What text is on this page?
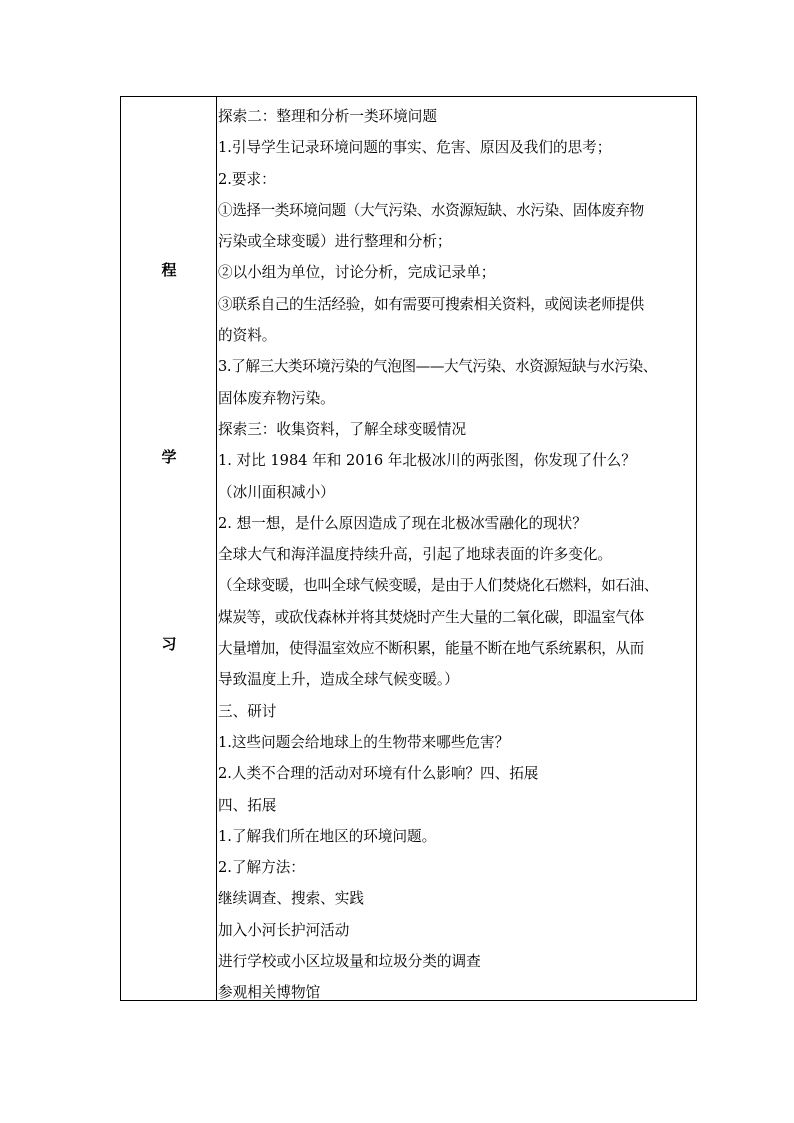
程
学
习
探索二：整理和分析一类环境问题
1.引导学生记录环境问题的事实、危害、原因及我们的思考；
2.要求：
①选择一类环境问题（大气污染、水资源短缺、水污染、固体废弃物
污染或全球变暖）进行整理和分析；
②以小组为单位，讨论分析，完成记录单；
③联系自己的生活经验，如有需要可搜索相关资料，或阅读老师提供
的资料。
3.了解三大类环境污染的气泡图——大气污染、水资源短缺与水污染、
固体废弃物污染。
探索三：收集资料，了解全球变暖情况
1. 对比 1984 年和 2016 年北极冰川的两张图，你发现了什么？
（冰川面积减小）
2. 想一想，是什么原因造成了现在北极冰雪融化的现状？
全球大气和海洋温度持续升高，引起了地球表面的许多变化。
（全球变暖，也叫全球气候变暖，是由于人们焚烧化石燃料，如石油、
煤炭等，或砍伐森林并将其焚烧时产生大量的二氧化碳，即温室气体
大量增加，使得温室效应不断积累，能量不断在地气系统累积，从而
导致温度上升，造成全球气候变暖。）
三、研讨
1.这些问题会给地球上的生物带来哪些危害？
2.人类不合理的活动对环境有什么影响？四、拓展
四、拓展
1.了解我们所在地区的环境问题。
2.了解方法：
继续调查、搜索、实践
加入小河长护河活动
进行学校或小区垃圾量和垃圾分类的调查
参观相关博物馆
